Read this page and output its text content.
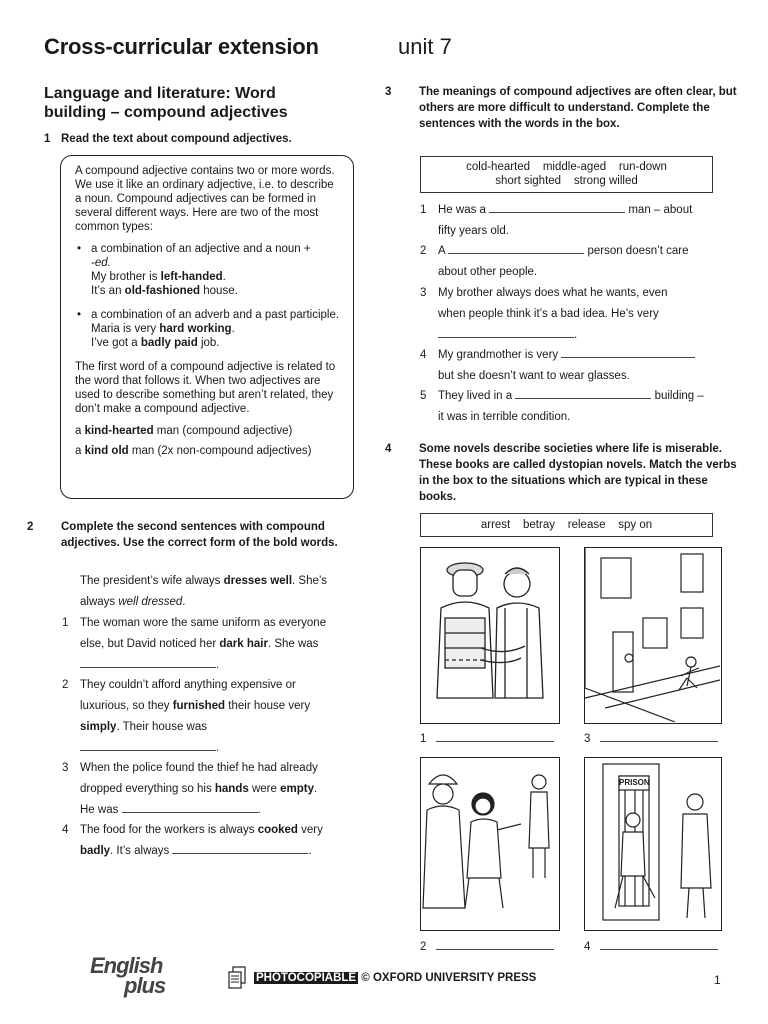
Cross-curricular extension	unit 7
Language and literature: Word
building – compound adjectives
1 Read the text about compound adjectives.

A compound adjective contains two or more words. We use it like an ordinary adjective, i.e. to describe a noun. Compound adjectives can be formed in several different ways. Here are two of the most common types:

• a combination of an adjective and a noun +
-ed.
My brother is left-handed.
It’s an old-fashioned house.
• a combination of an adverb and a past participle.
Maria is very hard working.
I’ve got a badly paid job.

The first word of a compound adjective is related to the word that follows it. When two adjectives are used to describe something but aren’t related, they don’t make a compound adjective.

a kind-hearted man (compound adjective)

a kind old man (2x non-compound adjectives)

2 Complete the second sentences with compound adjectives. Use the correct form of the bold words.
The president’s wife always dresses well. She’s
always well dressed.
1 The woman wore the same uniform as everyone
else, but David noticed her dark hair. She was
.
2 They couldn’t afford anything expensive or
luxurious, so they furnished their house very
simply. Their house was
.
3 When the police found the thief he had already
dropped everything so his hands were empty.
He was	.
4 The food for the workers is always cooked very
badly. It’s always	.
3 The meanings of compound adjectives are often clear, but others are more difficult to understand. Complete the sentences with the words in the box.
cold-hearted    middle-aged    run-down
short sighted    strong willed
1 He was a	man – about
fifty years old.
2 A	person doesn’t care
about other people.
3 My brother always does what he wants, even
when people think it’s a bad idea. He’s very
.
4 My grandmother is very
but she doesn’t want to wear glasses.
5 They lived in a	building –
it was in terrible condition.
4 Some novels describe societies where life is miserable. These books are called dystopian novels. Match the verbs in the box to the situations which are typical in these books.
arrest    betray    release    spy on
1	3
PRISON
2	4
English
plus	PHOTOCOPIABLE © OXFORD UNIVERSITY PRESS	1
